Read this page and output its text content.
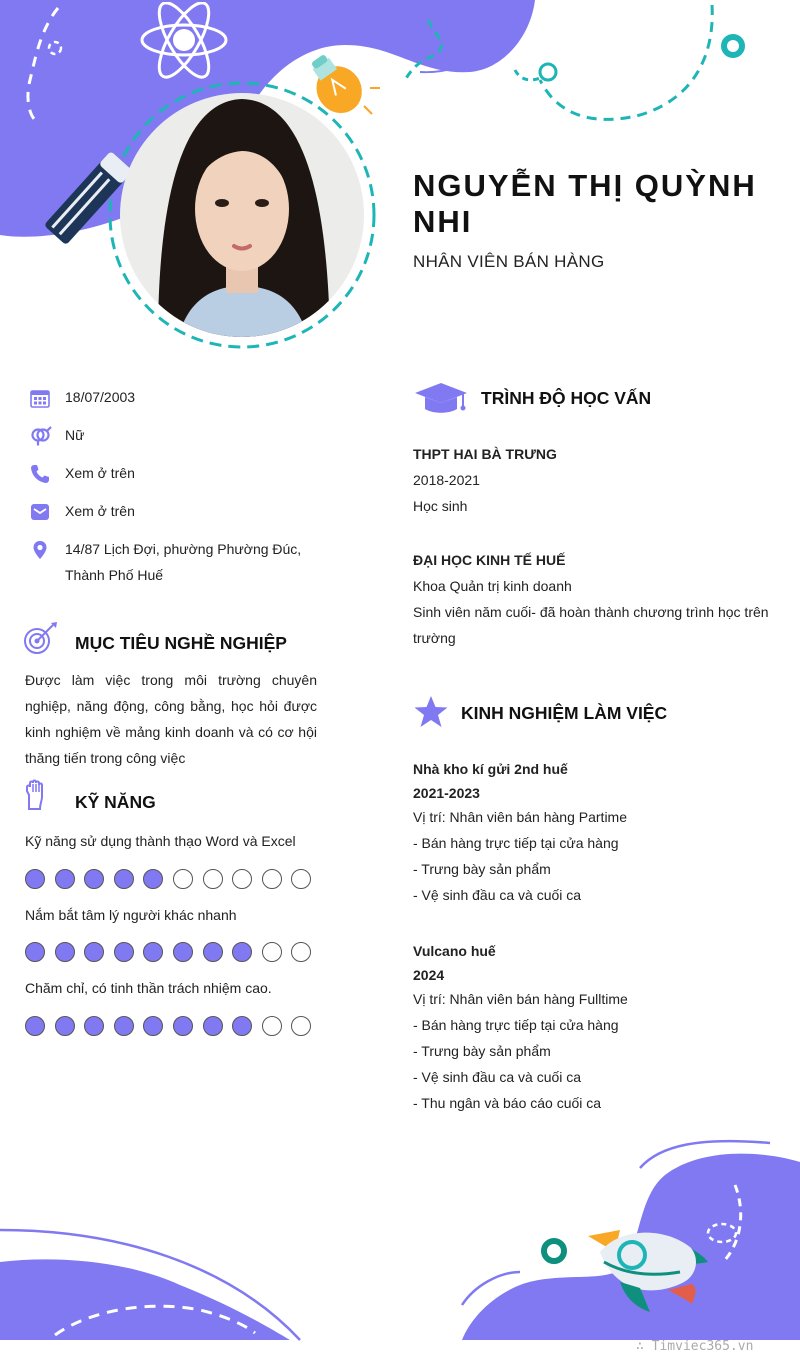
NGUYỄN THỊ QUỲNH NHI
NHÂN VIÊN BÁN HÀNG
18/07/2003
Nữ
Xem ở trên
Xem ở trên
14/87 Lịch Đợi, phường Phường Đúc, Thành Phố Huế
MỤC TIÊU NGHỀ NGHIỆP
Được làm việc trong môi trường chuyên nghiệp, năng động, công bằng, học hỏi được kinh nghiệm về mảng kinh doanh và có cơ hội thăng tiến trong công việc
KỸ NĂNG
Kỹ năng sử dụng thành thạo Word và Excel
Nắm bắt tâm lý người khác nhanh
Chăm chỉ, có tinh thần trách nhiệm cao.
TRÌNH ĐỘ HỌC VẤN
THPT HAI BÀ TRƯNG
2018-2021
Học sinh
ĐẠI HỌC KINH TẾ HUẾ
Khoa Quản trị kinh doanh
Sinh viên năm cuối- đã hoàn thành chương trình học trên trường
KINH NGHIỆM LÀM VIỆC
Nhà kho kí gửi 2nd huế
2021-2023
Vị trí: Nhân viên bán hàng Partime
- Bán hàng trực tiếp tại cửa hàng
- Trưng bày sản phẩm
- Vệ sinh đầu ca và cuối ca
Vulcano huế
2024
Vị trí: Nhân viên bán hàng Fulltime
- Bán hàng trực tiếp tại cửa hàng
- Trưng bày sản phẩm
- Vệ sinh đầu ca và cuối ca
- Thu ngân và báo cáo cuối ca
∴ Timviec365.vn
